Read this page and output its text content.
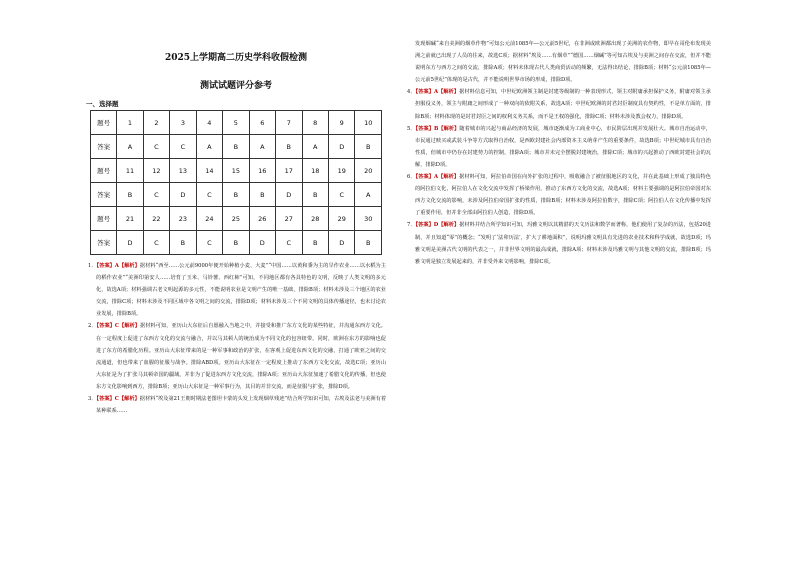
2025上学期高二历史学科收假检测
测试试题评分参考
一、选择题
题号	1	2	3	4	5	6	7	8	9	10
答案	A	C	C	A	B	A	B	A	D	B
题号	11	12	13	14	15	16	17	18	19	20
答案	B	C	D	C	B	B	D	B	C	A
题号	21	22	23	24	25	26	27	28	29	30
答案	D	C	B	C	B	D	C	B	D	B
1．【答案】A【解析】据材料“西至……公元前9000年便开始种植小麦、大麦”“中国……以黄和黍为主的旱作农业……以水稻为主的稻作农业”“美洲印第安人……培育了玉米、马铃薯、西红柿”可知，不同地区都有各具特色的文明，反映了人类文明的多元化，故选A项；材料强调古老文明起源的多元性，不能说明农业是文明产生的唯一基础，排除B项；材料未涉及三个地区的农业交流，排除C项；材料未涉及不同区域中各文明之间的交流，排除D项；材料未涉及三个不同文明的具体传播途径，也未讨论农业发展，排除B项。
2．【答案】C【解析】据材料可知，亚历山大东征后自愿融入当地之中，并接受和推广东方文化的某些特征，并沟通东西方文化。在一定程度上促进了东西方文化的交流与融合，并以马其顿人的统治成为不同文化的包容纽带。同时，欧洲在东方的影响也促进了东方的希腊化历程。亚历山大东征带来的是一种军事和政治的扩张，在客观上促进东西文化的交融，打通了欧亚之间的交流通道，但也带来了血腥的征服与战争。排除ABD项。亚历山大东征在一定程度上推动了东西方文化交流，故选C项；亚历山大东征是为了扩张马其顿帝国的疆域，并非为了促进东西方文化交流，排除A项；亚历山大东征加速了希腊文化的传播，但也使东方文化影响到西方，排除B项；亚历山大东征是一种军事行为，其目的并非交流，而是征服与扩张，排除D项。
3．【答案】C【解析】据材料“埃及第21王朝时期法老图坦卡蒙的头发上发现烟草残迹”结合所学知识可知，古埃及法老与美洲有着某种联系……
发现烟碱“来自美洲的烟草作物”可知公元前1085年—公元前5世纪，在非洲或欧洲都出现了美洲的农作物，即早在哥伦布发现美洲之前就已出现了人员的往来，故选C项；据材料“埃及……有烟草”“德国……烟碱”等可知古埃及与美洲之间存在交流，但并不能说明东方与西方之间的交流，排除A项；材料未体现古代人类商贸活动的频繁，无法得出结论，排除B项；材料“公元前1085年—公元前5世纪”体现的是古代，并不能说明世界市场的形成，排除D项。
4．【答案】A【解析】据材料信息可知，中世纪欧洲领主制是封建等级制的一种表现形式，领主对附庸承担保护义务，附庸对领主承担服役义务，领主与附庸之间形成了一种双向的依附关系，故选A项；中世纪欧洲的封君封臣制度具有契约性，不是单方面的，排除B项；材料体现的是封君封臣之间的权利义务关系，而不是王权的强化，排除C项；材料未涉及教会权力，排除D项。
5．【答案】B【解析】随着城市的兴起与商品经济的发展，城市逐渐成为工商业中心，市民阶层出现并发展壮大。城市自治运动中，市民通过赎买或武装斗争等方式取得自治权，是西欧封建社会内部资本主义萌芽产生的重要条件，故选B项；中世纪城市具有自治性质，但城市中仍存在封建势力的控制，排除A项；城市并未完全摆脱封建统治，排除C项；城市的兴起推动了西欧封建社会的瓦解，排除D项。
6．【答案】A【解析】据材料可知，阿拉伯帝国在向外扩张的过程中，吸收融合了被征服地区的文化，并在此基础上形成了独具特色的阿拉伯文化，阿拉伯人在文化交流中发挥了桥梁作用，推动了东西方文化的交流，故选A项；材料主要强调的是阿拉伯帝国对东西方文化交流的影响，未涉及阿拉伯帝国扩张的性质，排除B项；材料未涉及阿拉伯数字，排除C项；阿拉伯人在文化传播中发挥了重要作用，但并非全部由阿拉伯人创造，排除D项。
7．【答案】D【解析】据材料并结合所学知识可知，玛雅文明以其精湛的天文历法和数学而著称，他们使用了复杂的历法，包括20进制，并且知道“零”的概念；“发明了‘法卯历法’，扩大了耕地面积”，说明玛雅文明具有先进的农业技术和科学成就，故选D项；玛雅文明是美洲古代文明的代表之一，并非世界文明的最高成就，排除A项；材料未涉及玛雅文明与其他文明的交流，排除B项；玛雅文明是独立发展起来的，并非受外来文明影响，排除C项。
